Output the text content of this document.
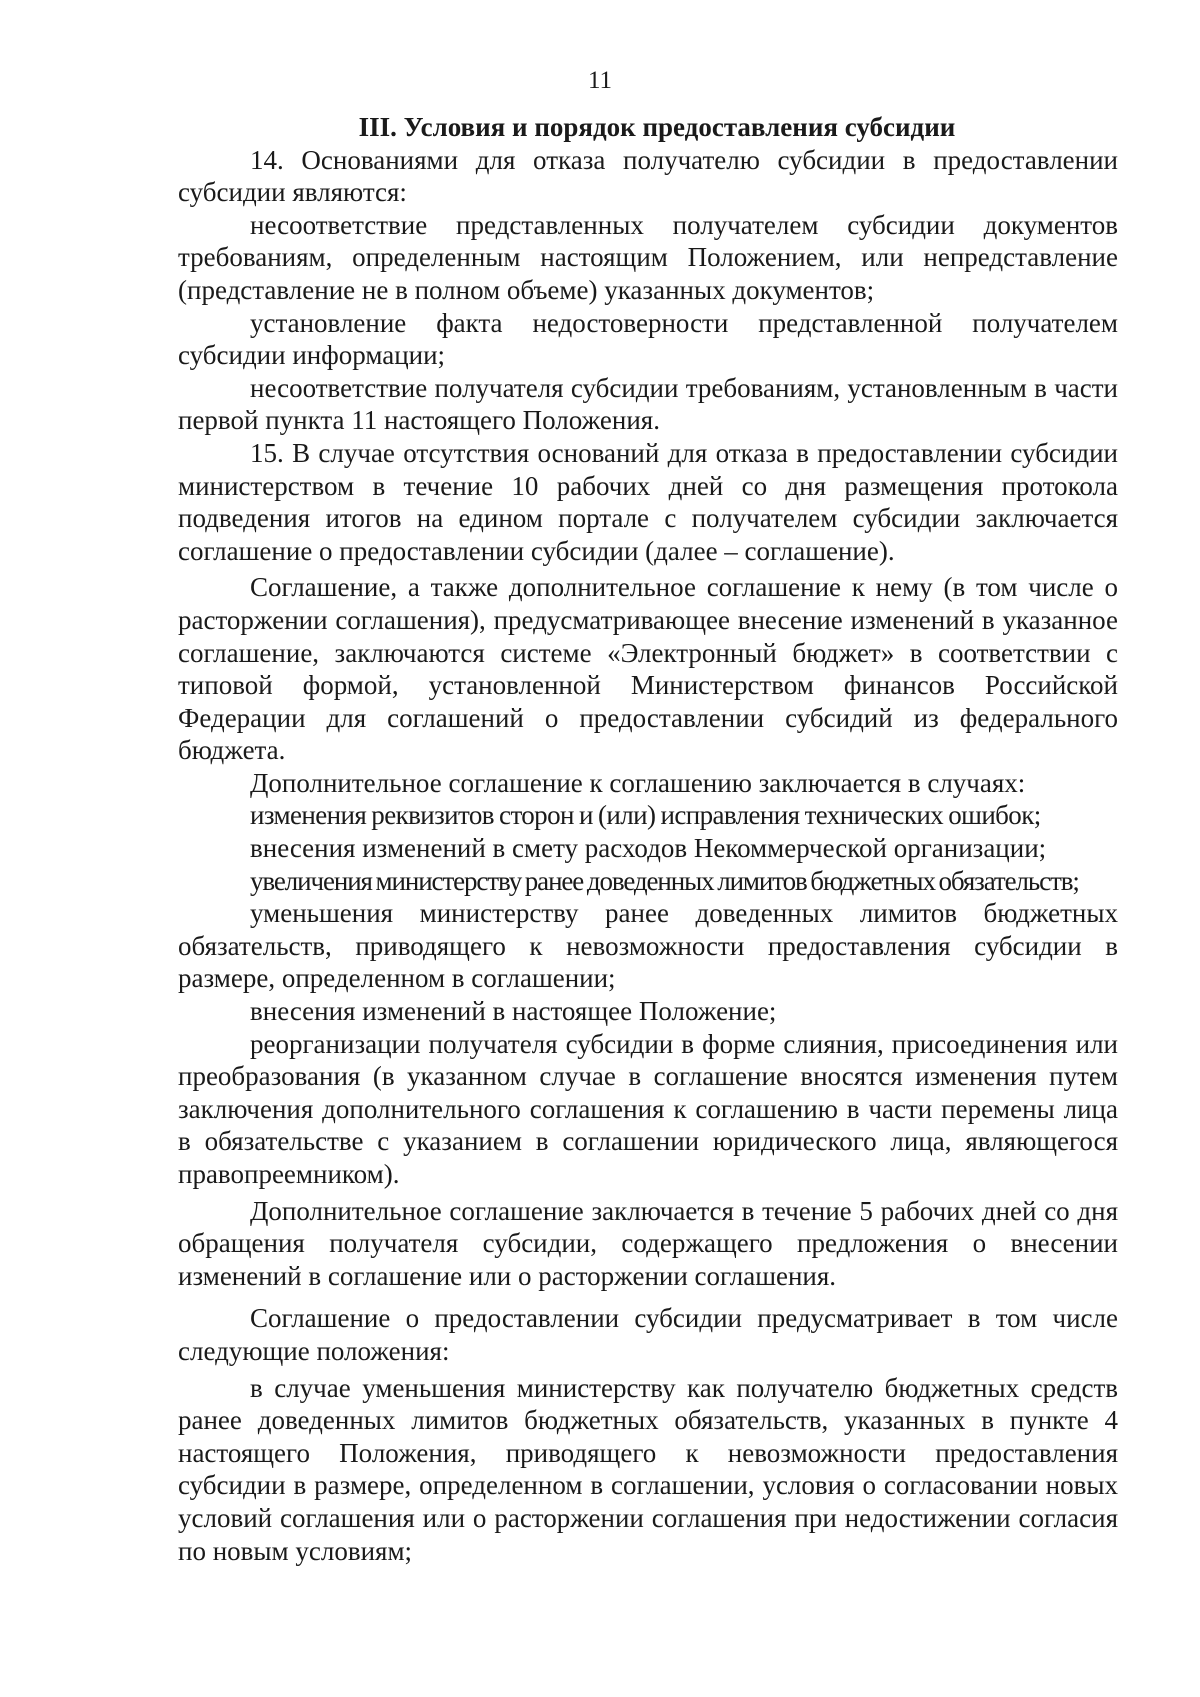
11
III. Условия и порядок предоставления субсидии

14. Основаниями для отказа получателю субсидии в предоставлении субсидии являются:

несоответствие представленных получателем субсидии документов требованиям, определенным настоящим Положением, или непредставление (представление не в полном объеме) указанных документов;

установление факта недостоверности представленной получателем субсидии информации;

несоответствие получателя субсидии требованиям, установленным в части первой пункта 11 настоящего Положения.

15. В случае отсутствия оснований для отказа в предоставлении субсидии министерством в течение 10 рабочих дней со дня размещения протокола подведения итогов на едином портале с получателем субсидии заключается соглашение о предоставлении субсидии (далее – соглашение).

Соглашение, а также дополнительное соглашение к нему (в том числе о расторжении соглашения), предусматривающее внесение изменений в указанное соглашение, заключаются системе «Электронный бюджет» в соответствии с типовой формой, установленной Министерством финансов Российской Федерации для соглашений о предоставлении субсидий из федерального бюджета.

Дополнительное соглашение к соглашению заключается в случаях:

изменения реквизитов сторон и (или) исправления технических ошибок;

внесения изменений в смету расходов Некоммерческой организации;

увеличения министерству ранее доведенных лимитов бюджетных обязательств;

уменьшения министерству ранее доведенных лимитов бюджетных обязательств, приводящего к невозможности предоставления субсидии в размере, определенном в соглашении;

внесения изменений в настоящее Положение;

реорганизации получателя субсидии в форме слияния, присоединения или преобразования (в указанном случае в соглашение вносятся изменения путем заключения дополнительного соглашения к соглашению в части перемены лица в обязательстве с указанием в соглашении юридического лица, являющегося правопреемником).

Дополнительное соглашение заключается в течение 5 рабочих дней со дня обращения получателя субсидии, содержащего предложения о внесении изменений в соглашение или о расторжении соглашения.

Соглашение о предоставлении субсидии предусматривает в том числе следующие положения:

в случае уменьшения министерству как получателю бюджетных средств ранее доведенных лимитов бюджетных обязательств, указанных в пункте 4 настоящего Положения, приводящего к невозможности предоставления субсидии в размере, определенном в соглашении, условия о согласовании новых условий соглашения или о расторжении соглашения при недостижении согласия по новым условиям;
